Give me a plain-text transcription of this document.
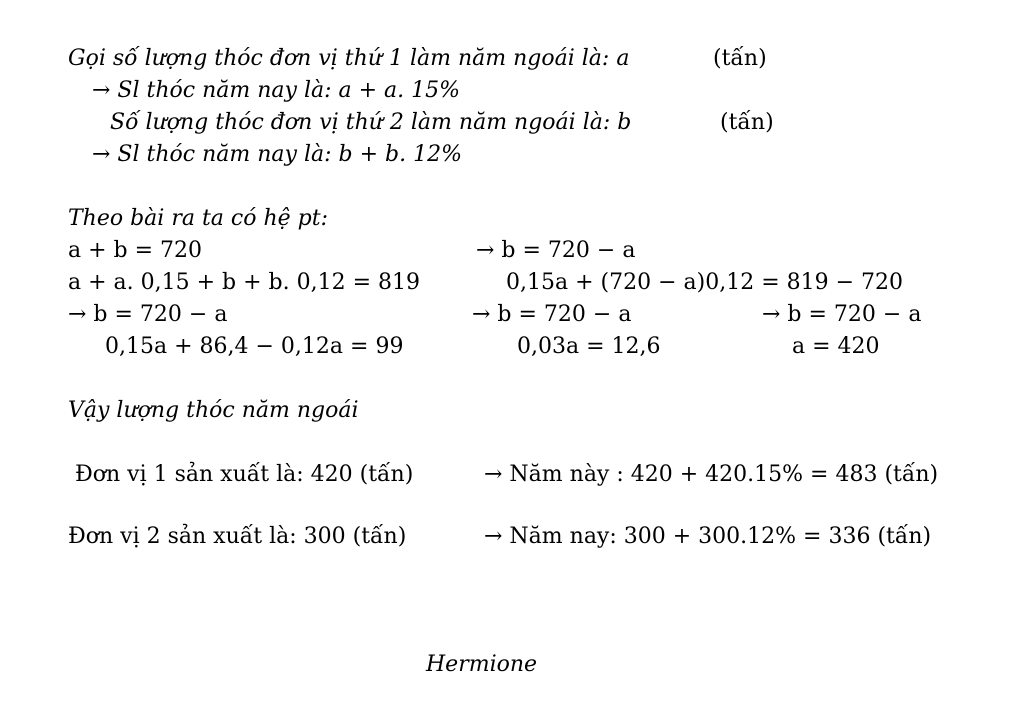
Gọi số lượng thóc đơn vị thứ 1 làm năm ngoái là: a	(tấn)
→ Sl thóc năm nay là: a + a. 15%
Số lượng thóc đơn vị thứ 2 làm năm ngoái là: b	(tấn)
→ Sl thóc năm nay là: b + b. 12%
Theo bài ra ta có hệ pt:
a + b = 720
a + a. 0,15 + b + b. 0,12 = 819
→ b = 720 − a
0,15a + 86,4 − 0,12a = 99
→ b = 720 − a
0,15a + (720 − a)0,12 = 819 − 720
→ b = 720 − a
0,03a = 12,6
→ b = 720 − a
a = 420
Vậy lượng thóc năm ngoái
Đơn vị 1 sản xuất là: 420 (tấn)	→ Năm này : 420 + 420.15% = 483 (tấn)
Đơn vị 2 sản xuất là: 300 (tấn)	→ Năm nay: 300 + 300.12% = 336 (tấn)
Hermione
